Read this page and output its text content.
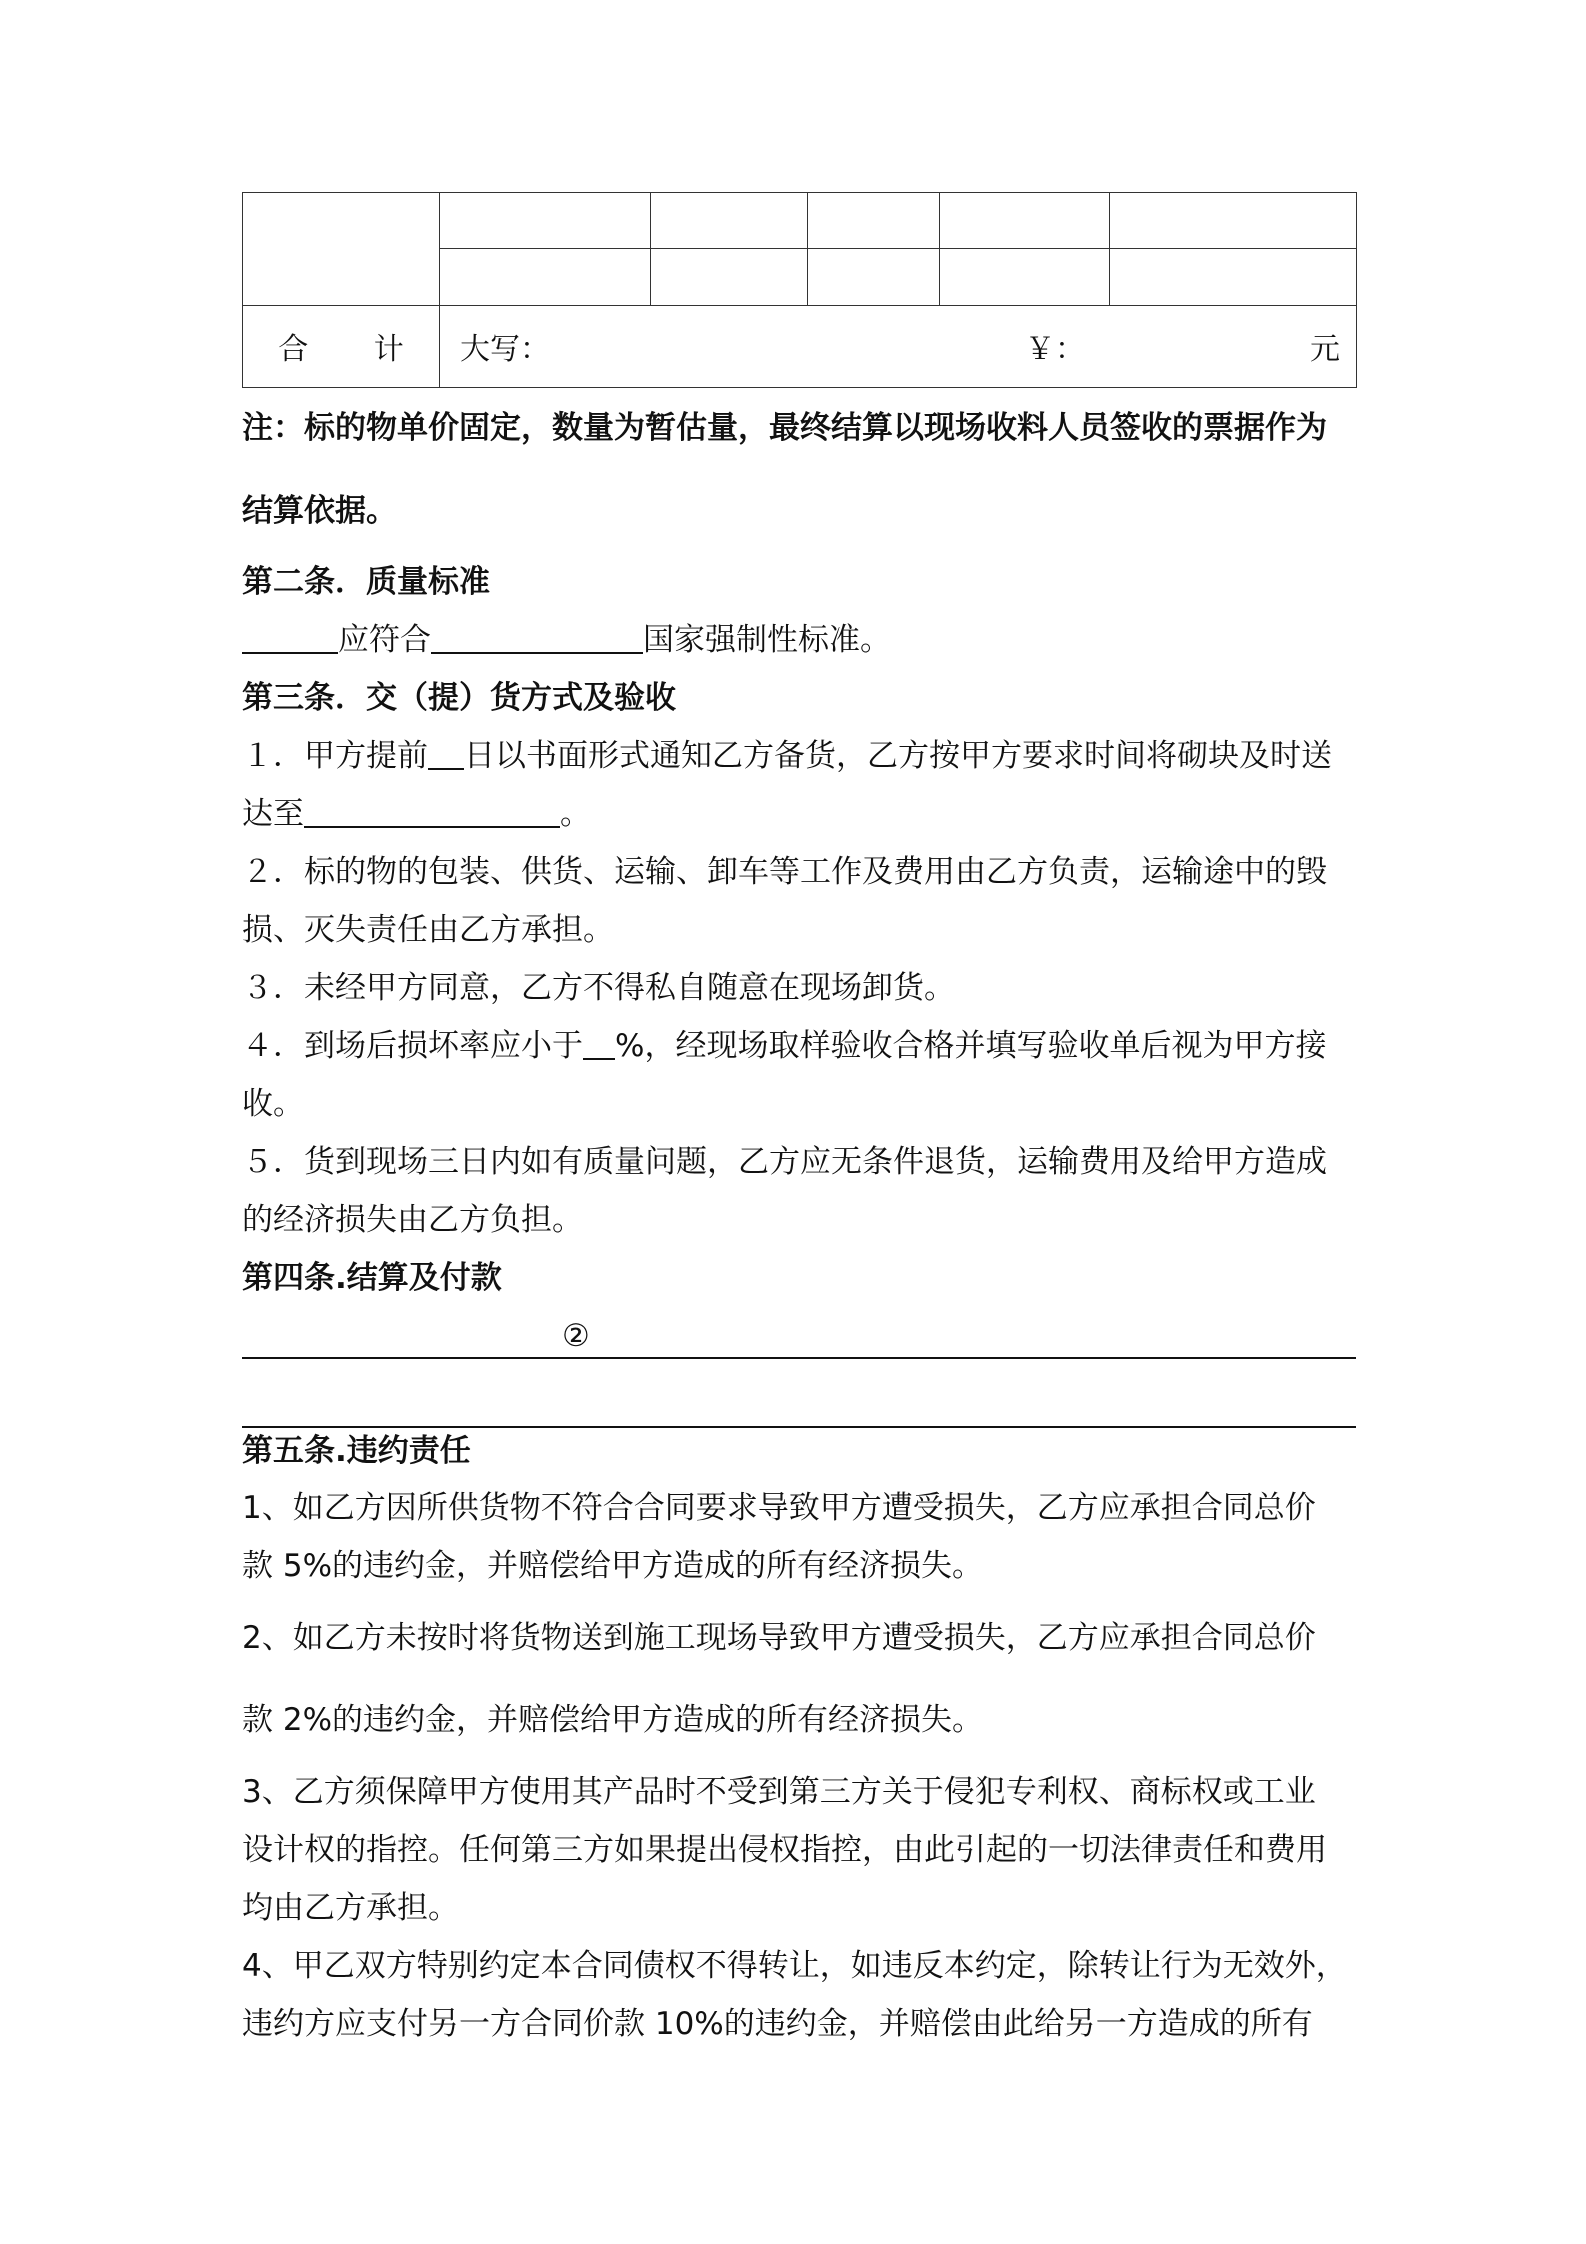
合 计	大写： ￥： 元				
注：标的物单价固定，数量为暂估量，最终结算以现场收料人员签收的票据作为
结算依据。
第二条．质量标准
应符合	国家强制性标准。
第三条．交（提）货方式及验收
１．甲方提前 日以书面形式通知乙方备货，乙方按甲方要求时间将砌块及时送
达至	。
２．标的物的包装、供货、运输、卸车等工作及费用由乙方负责，运输途中的毁
损、灭失责任由乙方承担。
３．未经甲方同意，乙方不得私自随意在现场卸货。
４．到场后损坏率应小于 %，经现场取样验收合格并填写验收单后视为甲方接
收。
５．货到现场三日内如有质量问题，乙方应无条件退货，运输费用及给甲方造成
的经济损失由乙方负担。
第四条.结算及付款
②
第五条.违约责任
1、如乙方因所供货物不符合合同要求导致甲方遭受损失，乙方应承担合同总价
款 5%的违约金，并赔偿给甲方造成的所有经济损失。
2、如乙方未按时将货物送到施工现场导致甲方遭受损失，乙方应承担合同总价
款 2%的违约金，并赔偿给甲方造成的所有经济损失。
3、乙方须保障甲方使用其产品时不受到第三方关于侵犯专利权、商标权或工业
设计权的指控。任何第三方如果提出侵权指控，由此引起的一切法律责任和费用
均由乙方承担。
4、甲乙双方特别约定本合同债权不得转让，如违反本约定，除转让行为无效外，
违约方应支付另一方合同价款 10%的违约金，并赔偿由此给另一方造成的所有
